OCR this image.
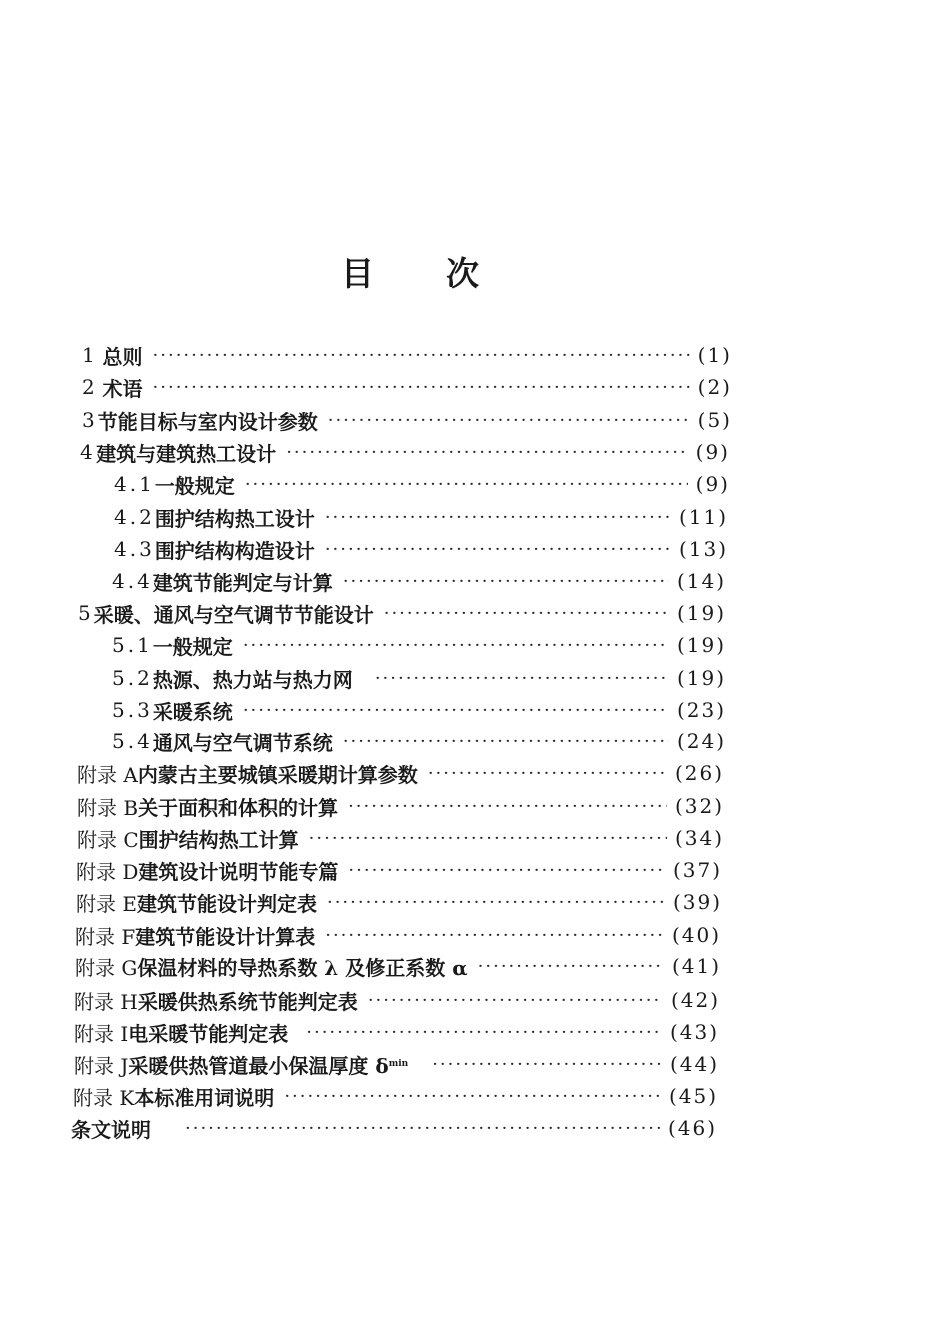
目 次
1 总则 ·····	(1)
2 术语 ·····	(2)
3 节能目标与室内设计参数 ·····	(5)
4 建筑与建筑热工设计 ·····	(9)
4.1 一般规定 ·····	(9)
4.2 围护结构热工设计 ·····	(11)
4.3 围护结构构造设计 ·····	(13)
4.4 建筑节能判定与计算 ·····	(14)
5 采暖、通风与空气调节节能设计 ·····	(19)
5.1 一般规定 ·····	(19)
5.2 热源、热力站与热力网 ·····	(19)
5.3 采暖系统 ·····	(23)
5.4 通风与空气调节系统 ·····	(24)
附录 A 内蒙古主要城镇采暖期计算参数 ·····	(26)
附录 B 关于面积和体积的计算 ·····	(32)
附录 C 围护结构热工计算 ·····	(34)
附录 D 建筑设计说明节能专篇 ·····	(37)
附录 E 建筑节能设计判定表 ·····	(39)
附录 F 建筑节能设计计算表 ·····	(40)
附录 G 保温材料的导热系数 λ 及修正系数 α ·····	(41)
附录 H 采暖供热系统节能判定表 ·····	(42)
附录 I 电采暖节能判定表 ·····	(43)
附录 J 采暖供热管道最小保温厚度 δ min ·····	(44)
附录 K 本标准用词说明 ·····	(45)
条文说明 ·····	(46)
